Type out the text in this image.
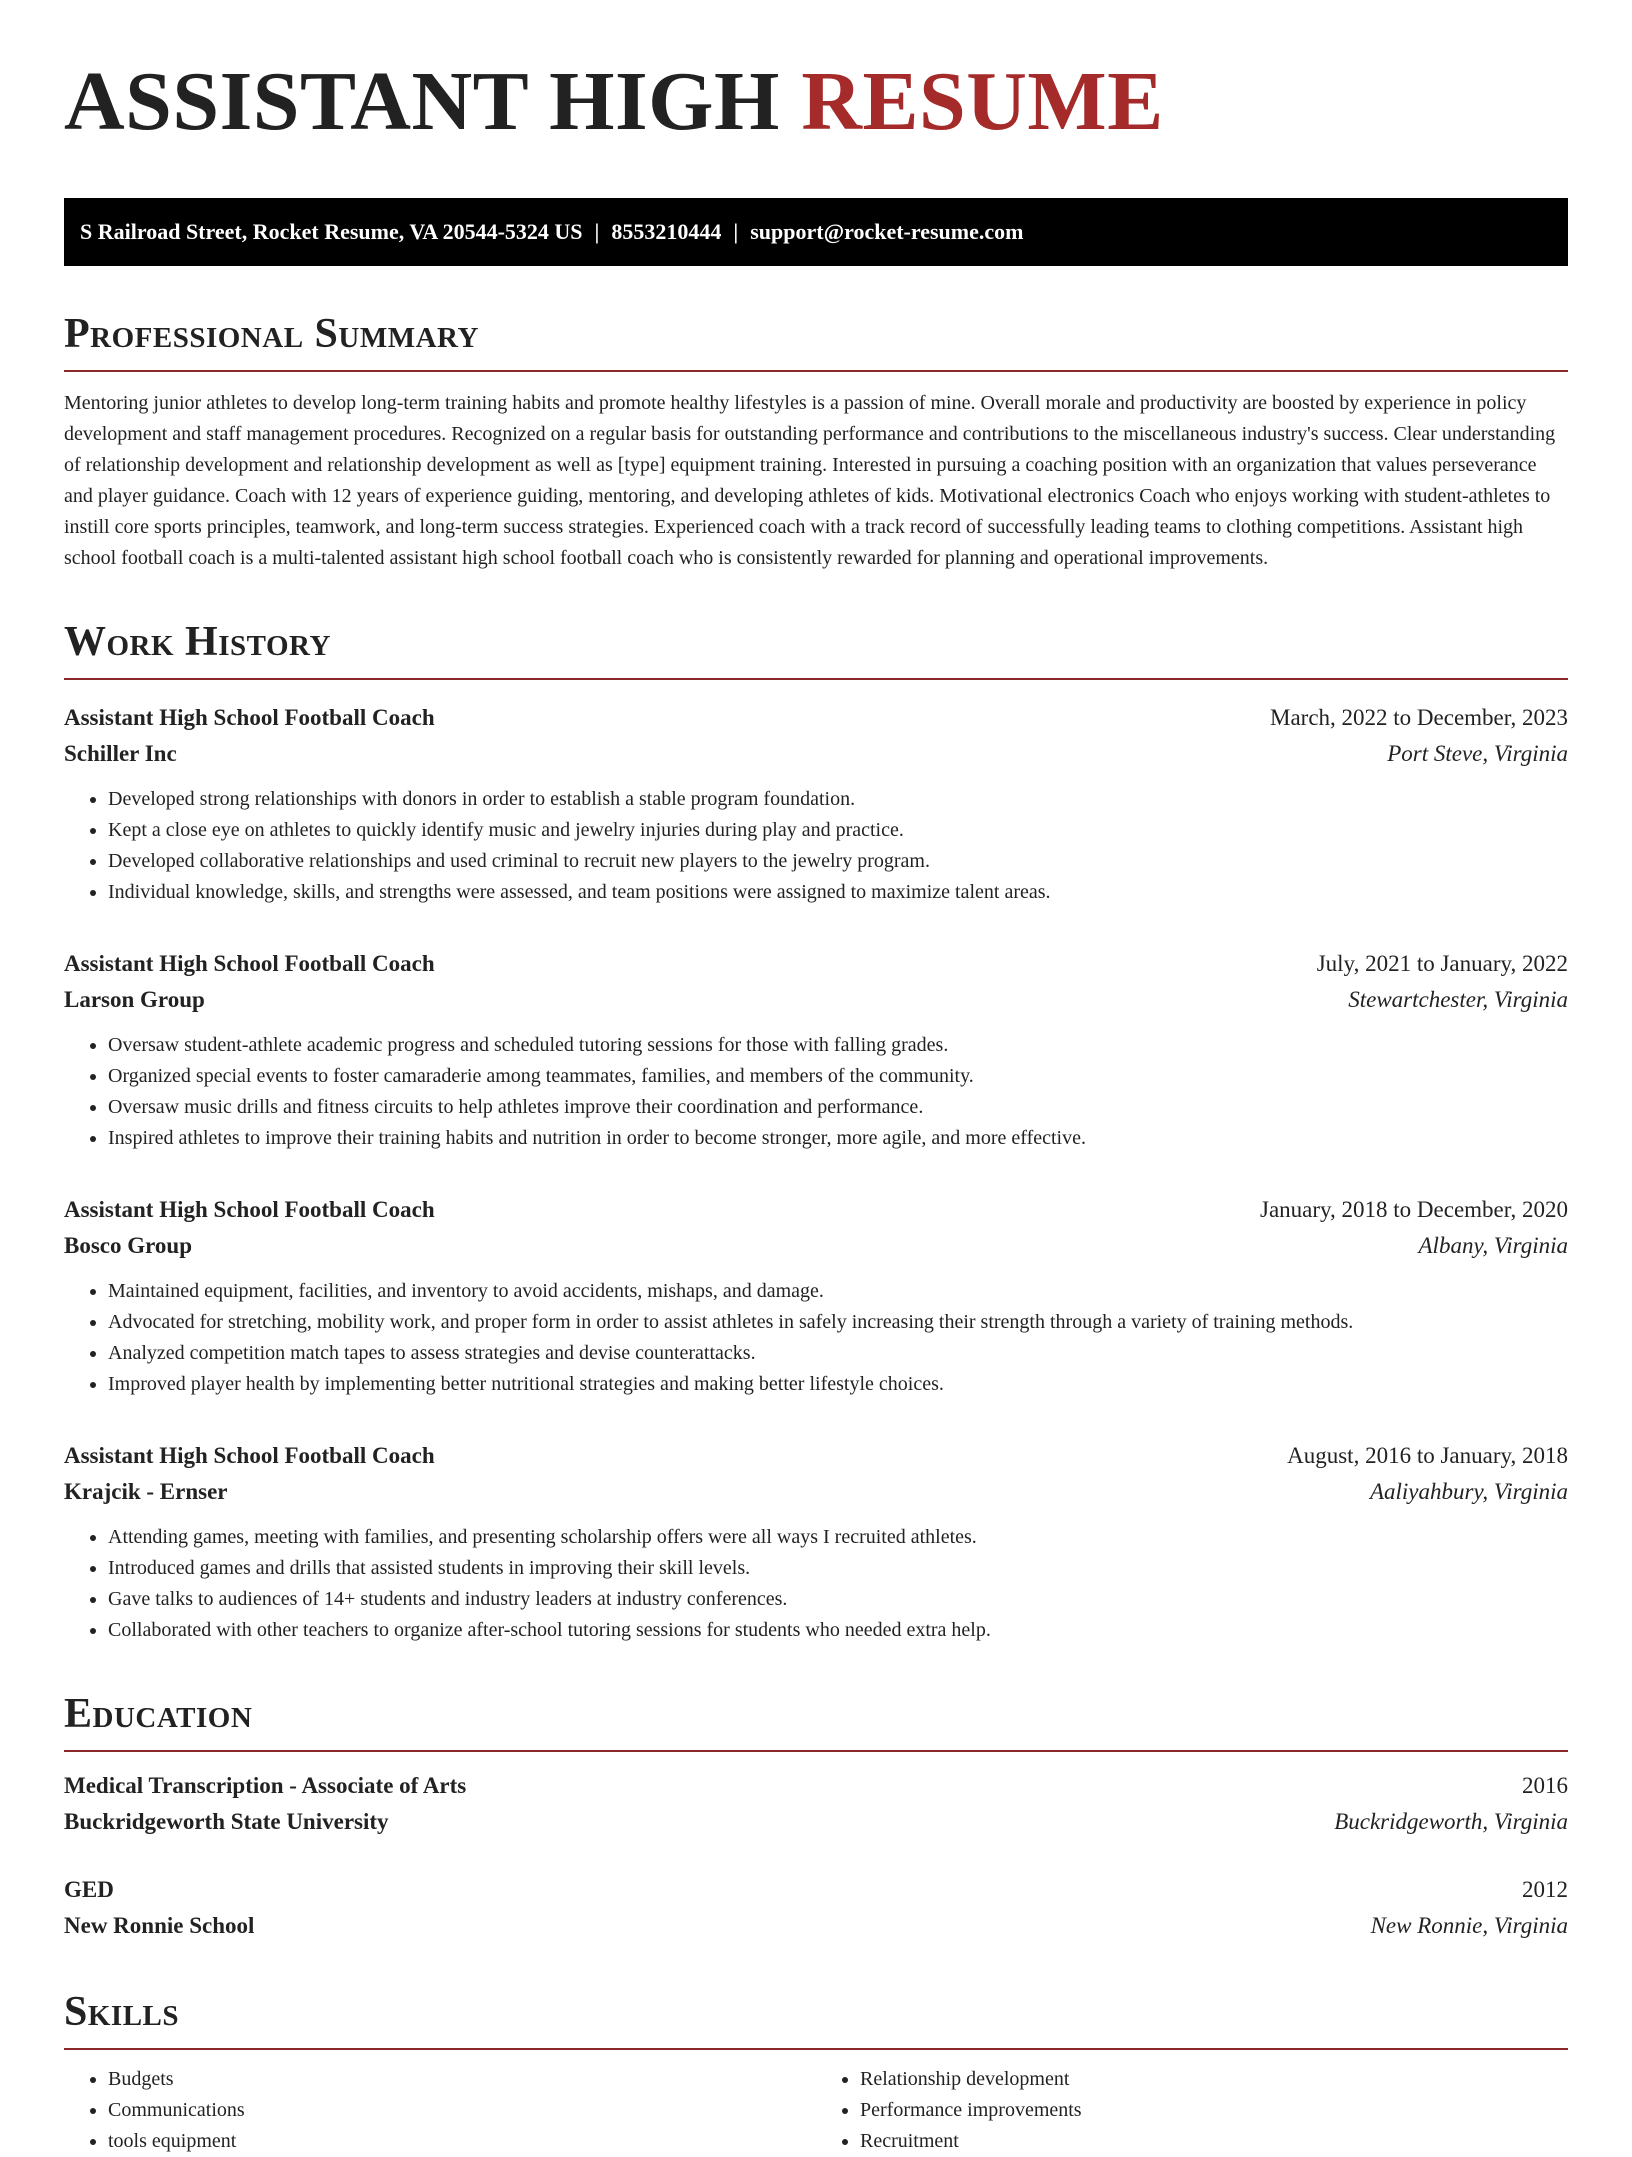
ASSISTANT HIGH RESUME
S Railroad Street, Rocket Resume, VA 20544-5324 US | 8553210444 | support@rocket-resume.com
Professional Summary

Mentoring junior athletes to develop long-term training habits and promote healthy lifestyles is a passion of mine. Overall morale and productivity are boosted by experience in policy development and staff management procedures. Recognized on a regular basis for outstanding performance and contributions to the miscellaneous industry's success. Clear understanding of relationship development and relationship development as well as [type] equipment training. Interested in pursuing a coaching position with an organization that values perseverance and player guidance. Coach with 12 years of experience guiding, mentoring, and developing athletes of kids. Motivational electronics Coach who enjoys working with student-athletes to instill core sports principles, teamwork, and long-term success strategies. Experienced coach with a track record of successfully leading teams to clothing competitions. Assistant high school football coach is a multi-talented assistant high school football coach who is consistently rewarded for planning and operational improvements.

Work History
Assistant High School Football Coach	March, 2022 to December, 2023
Schiller Inc	Port Steve, Virginia
• Developed strong relationships with donors in order to establish a stable program foundation.
• Kept a close eye on athletes to quickly identify music and jewelry injuries during play and practice.
• Developed collaborative relationships and used criminal to recruit new players to the jewelry program.
• Individual knowledge, skills, and strengths were assessed, and team positions were assigned to maximize talent areas.
Assistant High School Football Coach	July, 2021 to January, 2022
Larson Group	Stewartchester, Virginia
• Oversaw student-athlete academic progress and scheduled tutoring sessions for those with falling grades.
• Organized special events to foster camaraderie among teammates, families, and members of the community.
• Oversaw music drills and fitness circuits to help athletes improve their coordination and performance.
• Inspired athletes to improve their training habits and nutrition in order to become stronger, more agile, and more effective.
Assistant High School Football Coach	January, 2018 to December, 2020
Bosco Group	Albany, Virginia
• Maintained equipment, facilities, and inventory to avoid accidents, mishaps, and damage.
• Advocated for stretching, mobility work, and proper form in order to assist athletes in safely increasing their strength through a variety of training methods.
• Analyzed competition match tapes to assess strategies and devise counterattacks.
• Improved player health by implementing better nutritional strategies and making better lifestyle choices.
Assistant High School Football Coach	August, 2016 to January, 2018
Krajcik - Ernser	Aaliyahbury, Virginia
• Attending games, meeting with families, and presenting scholarship offers were all ways I recruited athletes.
• Introduced games and drills that assisted students in improving their skill levels.
• Gave talks to audiences of 14+ students and industry leaders at industry conferences.
• Collaborated with other teachers to organize after-school tutoring sessions for students who needed extra help.
Education
Medical Transcription - Associate of Arts	2016
Buckridgeworth State University	Buckridgeworth, Virginia
GED	2012
New Ronnie School	New Ronnie, Virginia
Skills
• Budgets
• Communications
• tools equipment
• Relationship development
• Performance improvements
• Recruitment
